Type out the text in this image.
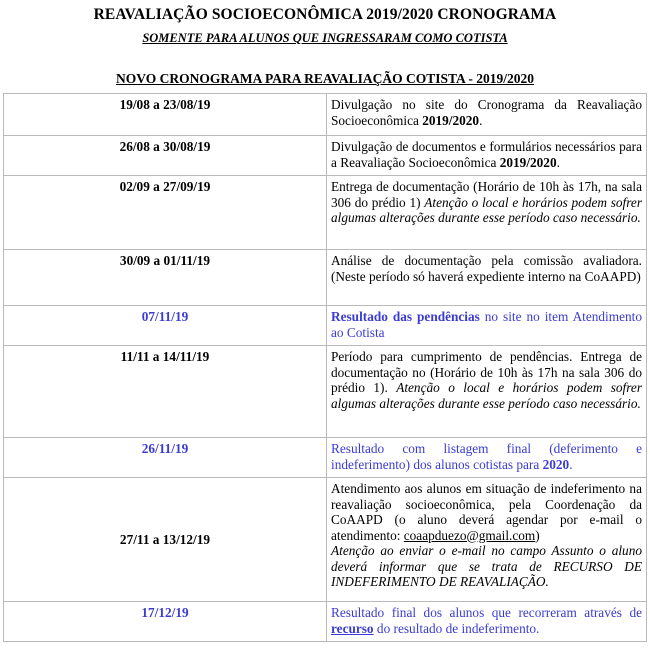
REAVALIAÇÃO SOCIOECONÔMICA 2019/2020 CRONOGRAMA
SOMENTE PARA ALUNOS QUE INGRESSARAM COMO COTISTA
NOVO CRONOGRAMA PARA REAVALIAÇÃO COTISTA - 2019/2020
19/08 a 23/08/19	Divulgação no site do Cronograma da Reavaliação Socioeconômica 2019/2020.
26/08 a 30/08/19	Divulgação de documentos e formulários necessários para a Reavaliação Socioeconômica 2019/2020.
02/09 a 27/09/19	Entrega de documentação (Horário de 10h às 17h, na sala 306 do prédio 1) Atenção o local e horários podem sofrer algumas alterações durante esse período caso necessário.
30/09 a 01/11/19	Análise de documentação pela comissão avaliadora. (Neste período só haverá expediente interno na CoAAPD)
07/11/19	Resultado das pendências no site no item Atendimento ao Cotista
11/11 a 14/11/19	Período para cumprimento de pendências. Entrega de documentação no (Horário de 10h às 17h na sala 306 do prédio 1). Atenção o local e horários podem sofrer algumas alterações durante esse período caso necessário.
26/11/19	Resultado com listagem final (deferimento e indeferimento) dos alunos cotistas para 2020.
27/11 a 13/12/19	Atendimento aos alunos em situação de indeferimento na reavaliação socioeconômica, pela Coordenação da CoAAPD (o aluno deverá agendar por e-mail o atendimento: coaapduezo@gmail.com)
Atenção ao enviar o e-mail no campo Assunto o aluno deverá informar que se trata de RECURSO DE INDEFERIMENTO DE REAVALIAÇÃO.

17/12/19	Resultado final dos alunos que recorreram através de recurso do resultado de indeferimento.
